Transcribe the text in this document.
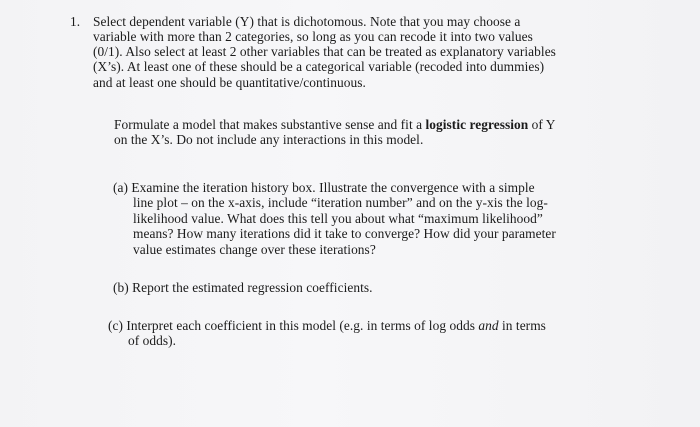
1. Select dependent variable (Y) that is dichotomous. Note that you may choose a
variable with more than 2 categories, so long as you can recode it into two values
(0/1). Also select at least 2 other variables that can be treated as explanatory variables
(X’s). At least one of these should be a categorical variable (recoded into dummies)
and at least one should be quantitative/continuous.
Formulate a model that makes substantive sense and fit a logistic regression of Y
on the X’s. Do not include any interactions in this model.
(a) Examine the iteration history box. Illustrate the convergence with a simple
line plot – on the x-axis, include “iteration number” and on the y-xis the log-
likelihood value. What does this tell you about what “maximum likelihood”
means? How many iterations did it take to converge? How did your parameter
value estimates change over these iterations?
(b) Report the estimated regression coefficients.
(c) Interpret each coefficient in this model (e.g. in terms of log odds and in terms
of odds).
